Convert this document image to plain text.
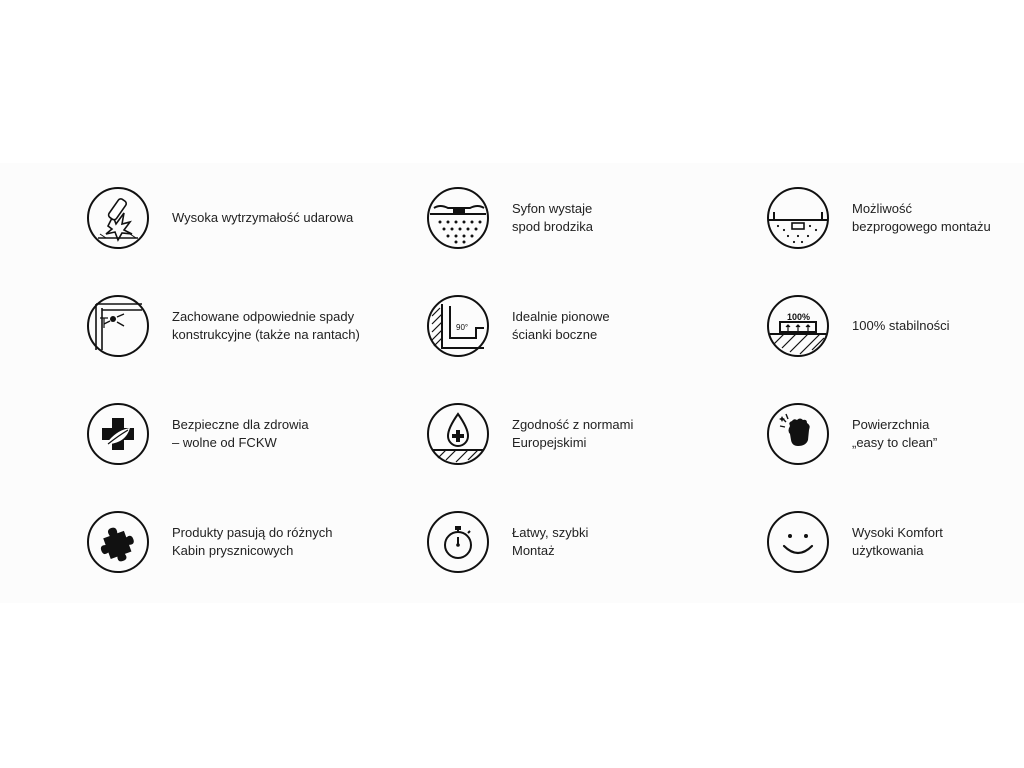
Wysoka wytrzymałość udarowa
Syfon wystaje
spod brodzika
Możliwość
bezprogowego montażu
Zachowane odpowiednie spady
konstrukcyjne (także na rantach)	90°
Idealnie pionowe
ścianki boczne
100%
100% stabilności
Bezpieczne dla zdrowia
– wolne od FCKW
Zgodność z normami
Europejskimi
Powierzchnia
„easy to clean”
Produkty pasują do różnych
Kabin prysznicowych
Łatwy, szybki
Montaż
Wysoki Komfort
użytkowania
